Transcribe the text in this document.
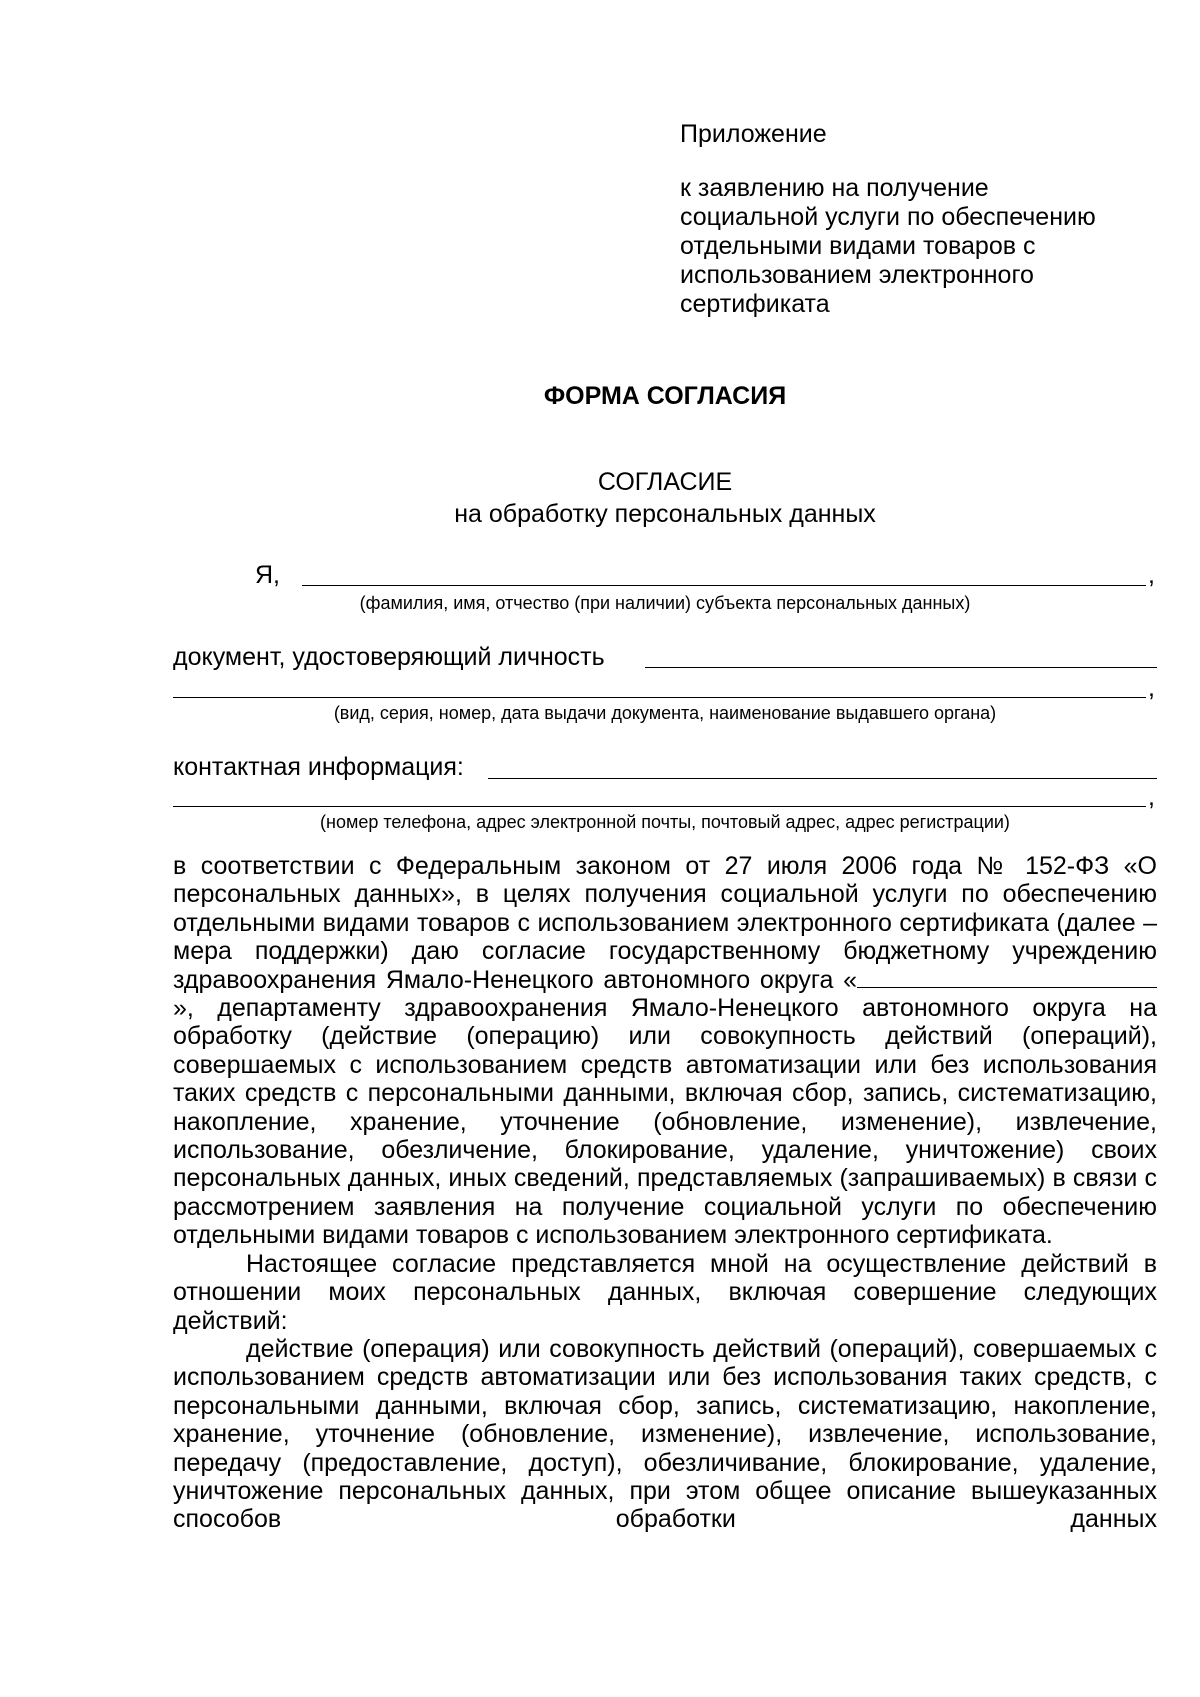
Приложение
к заявлению на получение
социальной услуги по обеспечению
отдельными видами товаров с
использованием электронного
сертификата
ФОРМА СОГЛАСИЯ
СОГЛАСИЕ
на обработку персональных данных
Я,	,
(фамилия, имя, отчество (при наличии) субъекта персональных данных)
документ, удостоверяющий личность
,
(вид, серия, номер, дата выдачи документа, наименование выдавшего органа)
контактная информация:
,
(номер телефона, адрес электронной почты, почтовый адрес, адрес регистрации)

в соответствии с Федеральным законом от 27 июля 2006 года № 152-ФЗ «О персональных данных», в целях получения социальной услуги по обеспечению отдельными видами товаров с использованием электронного сертификата (далее – мера поддержки) даю согласие государственному бюджетному учреждению здравоохранения Ямало-Ненецкого автономного округа «», департаменту здравоохранения Ямало-Ненецкого автономного округа на обработку (действие (операцию) или совокупность действий (операций), совершаемых с использованием средств автоматизации или без использования таких средств с персональными данными, включая сбор, запись, систематизацию, накопление, хранение, уточнение (обновление, изменение), извлечение, использование, обезличение, блокирование, удаление, уничтожение) своих персональных данных, иных сведений, представляемых (запрашиваемых) в связи с рассмотрением заявления на получение социальной услуги по обеспечению отдельными видами товаров с использованием электронного сертификата.

Настоящее согласие представляется мной на осуществление действий в отношении моих персональных данных, включая совершение следующих действий:

действие (операция) или совокупность действий (операций), совершаемых с использованием средств автоматизации или без использования таких средств, с персональными данными, включая сбор, запись, систематизацию, накопление, хранение, уточнение (обновление, изменение), извлечение, использование, передачу (предоставление, доступ), обезличивание, блокирование, удаление, уничтожение персональных данных, при этом общее описание вышеуказанных способов обработки данных
